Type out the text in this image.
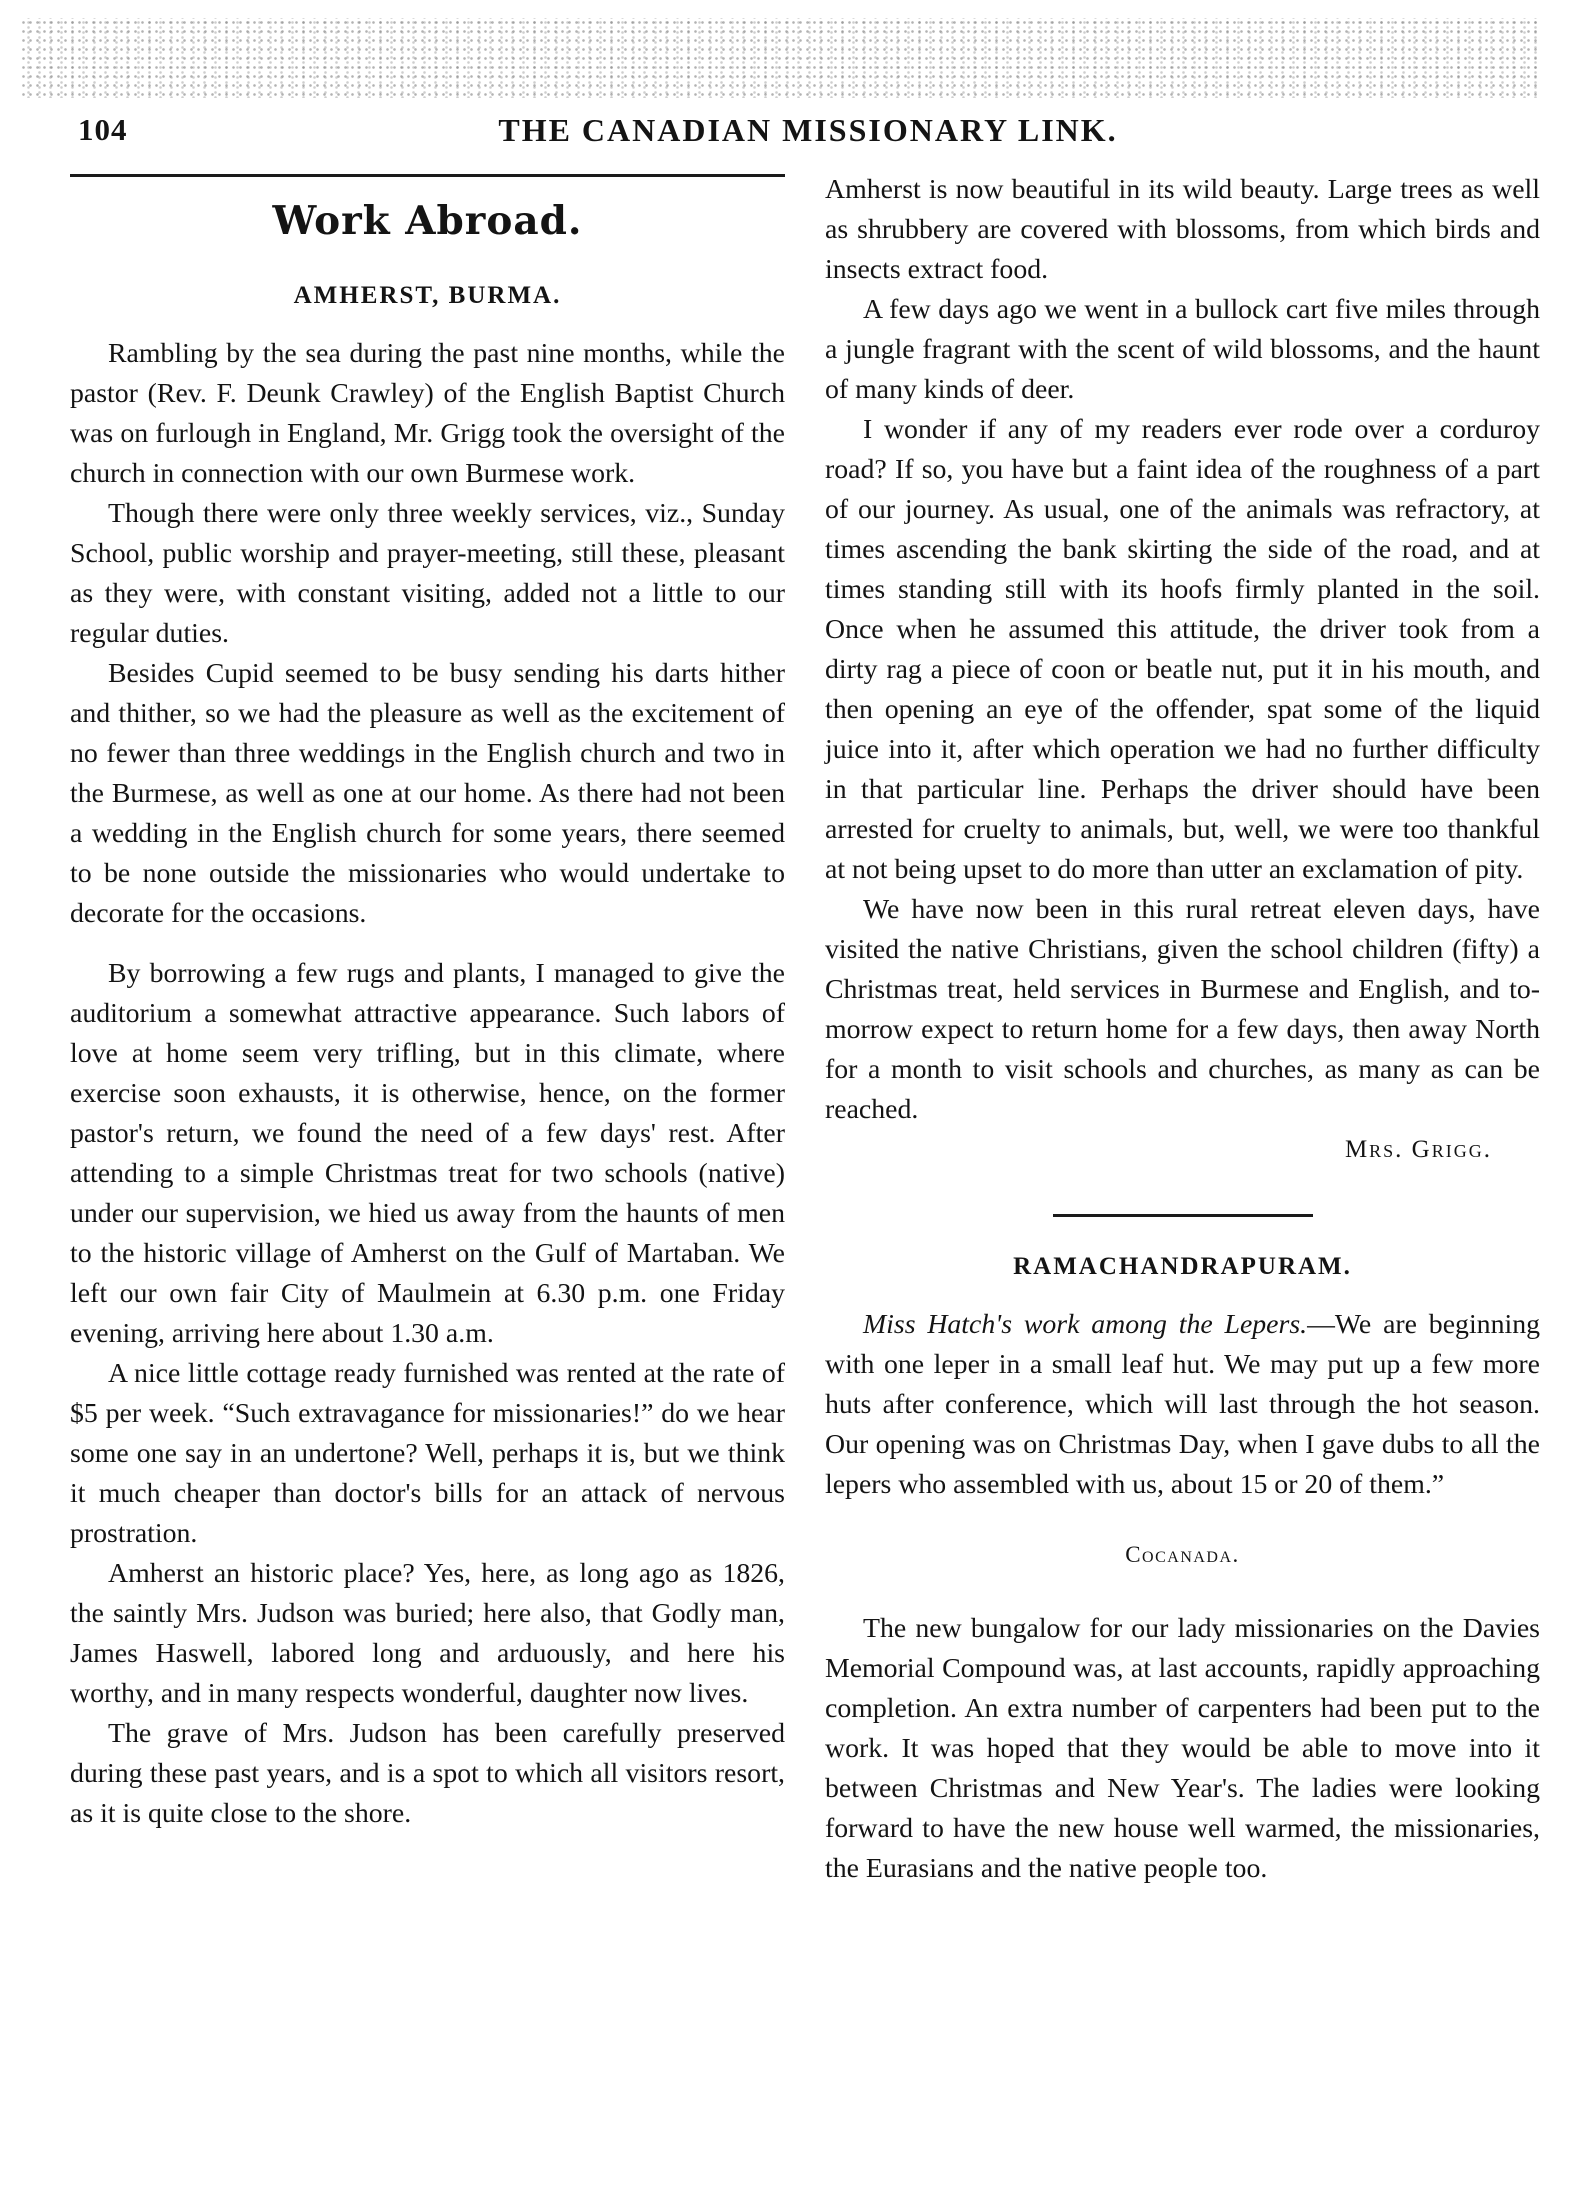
104	THE CANADIAN MISSIONARY LINK.
Work Abroad.
AMHERST, BURMA.

Rambling by the sea during the past nine months, while the pastor (Rev. F. Deunk Crawley) of the English Baptist Church was on furlough in England, Mr. Grigg took the oversight of the church in connection with our own Burmese work.

Though there were only three weekly services, viz., Sunday School, public worship and prayer-meeting, still these, pleasant as they were, with constant visiting, added not a little to our regular duties.

Besides Cupid seemed to be busy sending his darts hither and thither, so we had the pleasure as well as the excitement of no fewer than three weddings in the English church and two in the Burmese, as well as one at our home. As there had not been a wedding in the English church for some years, there seemed to be none outside the missionaries who would undertake to decorate for the occasions.

By borrowing a few rugs and plants, I managed to give the auditorium a somewhat attractive appearance. Such labors of love at home seem very trifling, but in this climate, where exercise soon exhausts, it is otherwise, hence, on the former pastor's return, we found the need of a few days' rest. After attending to a simple Christmas treat for two schools (native) under our supervision, we hied us away from the haunts of men to the historic village of Amherst on the Gulf of Martaban. We left our own fair City of Maulmein at 6.30 p.m. one Friday evening, arriving here about 1.30 a.m.

A nice little cottage ready furnished was rented at the rate of $5 per week. “Such extravagance for missionaries!” do we hear some one say in an undertone? Well, perhaps it is, but we think it much cheaper than doctor's bills for an attack of nervous prostration.

Amherst an historic place? Yes, here, as long ago as 1826, the saintly Mrs. Judson was buried; here also, that Godly man, James Haswell, labored long and arduously, and here his worthy, and in many respects wonderful, daughter now lives.

The grave of Mrs. Judson has been carefully preserved during these past years, and is a spot to which all visitors resort, as it is quite close to the shore.

Amherst is now beautiful in its wild beauty. Large trees as well as shrubbery are covered with blossoms, from which birds and insects extract food.

A few days ago we went in a bullock cart five miles through a jungle fragrant with the scent of wild blossoms, and the haunt of many kinds of deer.

I wonder if any of my readers ever rode over a corduroy road? If so, you have but a faint idea of the roughness of a part of our journey. As usual, one of the animals was refractory, at times ascending the bank skirting the side of the road, and at times standing still with its hoofs firmly planted in the soil. Once when he assumed this attitude, the driver took from a dirty rag a piece of coon or beatle nut, put it in his mouth, and then opening an eye of the offender, spat some of the liquid juice into it, after which operation we had no further difficulty in that particular line. Perhaps the driver should have been arrested for cruelty to animals, but, well, we were too thankful at not being upset to do more than utter an exclamation of pity.

We have now been in this rural retreat eleven days, have visited the native Christians, given the school children (fifty) a Christmas treat, held services in Burmese and English, and to-morrow expect to return home for a few days, then away North for a month to visit schools and churches, as many as can be reached.

Mrs. Grigg.
RAMACHANDRAPURAM.

Miss Hatch's work among the Lepers.—We are beginning with one leper in a small leaf hut. We may put up a few more huts after conference, which will last through the hot season. Our opening was on Christmas Day, when I gave dubs to all the lepers who assembled with us, about 15 or 20 of them.”

Cocanada.

The new bungalow for our lady missionaries on the Davies Memorial Compound was, at last accounts, rapidly approaching completion. An extra number of carpenters had been put to the work. It was hoped that they would be able to move into it between Christmas and New Year's. The ladies were looking forward to have the new house well warmed, the missionaries, the Eurasians and the native people too.
